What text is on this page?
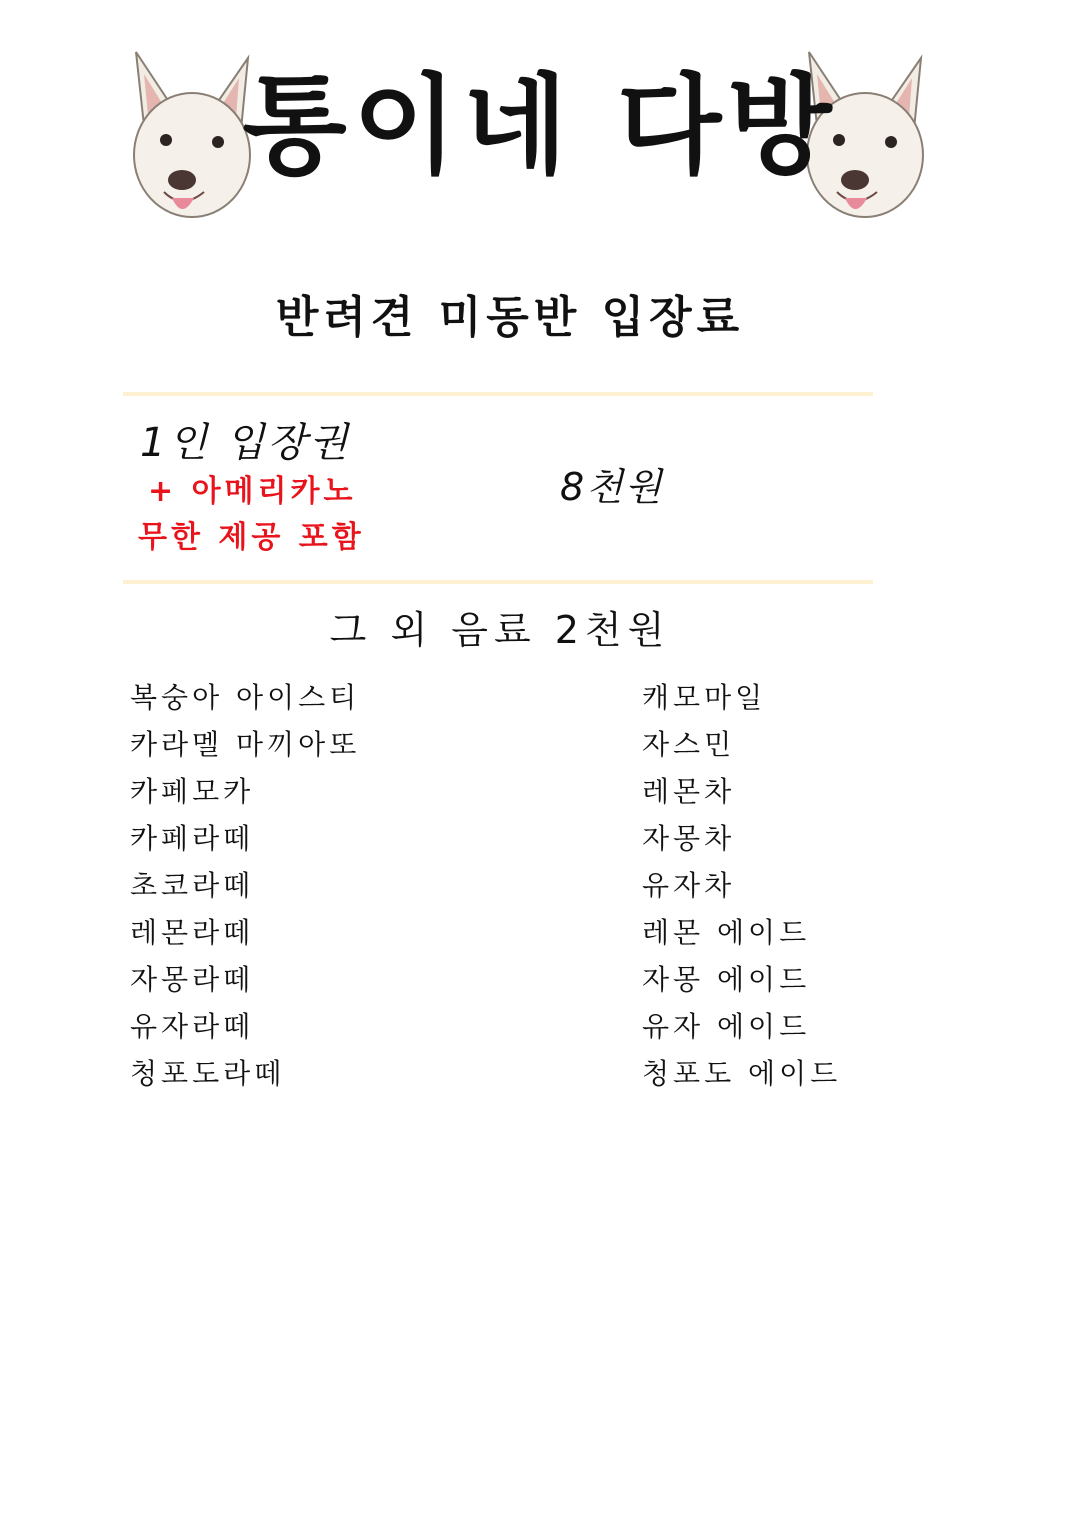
통이네 다방
반려견 미동반 입장료
1인 입장권
+ 아메리카노
무한 제공 포함
8천원
그 외 음료 2천원
복숭아 아이스티
카라멜 마끼아또
카페모카
카페라떼
초코라떼
레몬라떼
자몽라떼
유자라떼
청포도라떼
캐모마일
자스민
레몬차
자몽차
유자차
레몬 에이드
자몽 에이드
유자 에이드
청포도 에이드
